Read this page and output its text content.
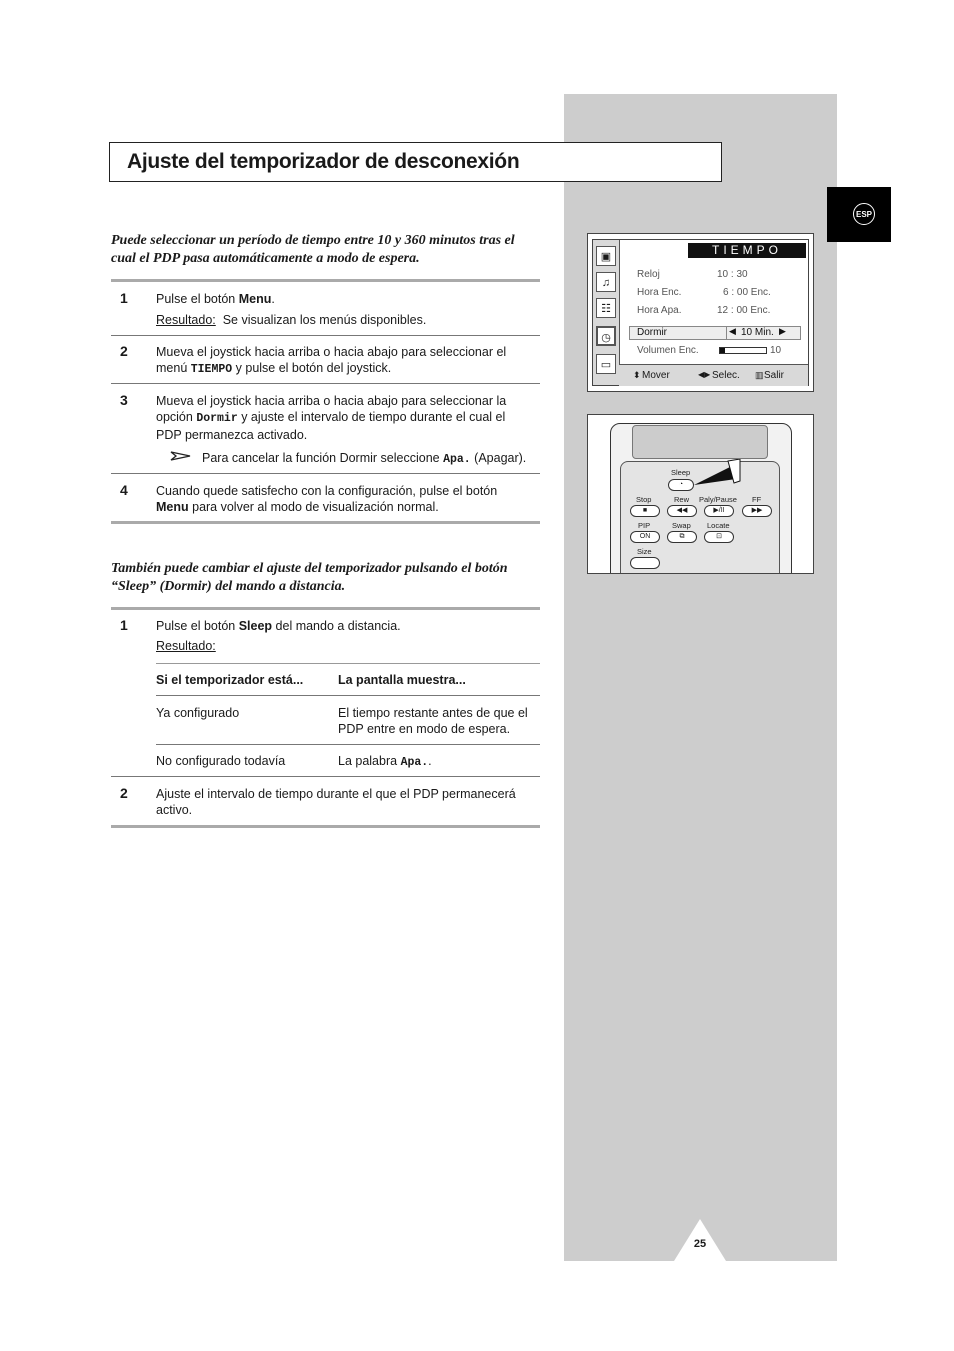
Ajuste del temporizador de desconexión
ESP
Puede seleccionar un período de tiempo entre 10 y 360 minutos tras el cual el PDP pasa automáticamente a modo de espera.
1 Pulse el botón Menu.
Resultado: Se visualizan los menús disponibles.
2 Mueva el joystick hacia arriba o hacia abajo para seleccionar el menú TIEMPO y pulse el botón del joystick.
3 Mueva el joystick hacia arriba o hacia abajo para seleccionar la opción Dormir y ajuste el intervalo de tiempo durante el cual el PDP permanezca activado.
Para cancelar la función Dormir seleccione Apa. (Apagar).
4 Cuando quede satisfecho con la configuración, pulse el botón Menu para volver al modo de visualización normal.
También puede cambiar el ajuste del temporizador pulsando el botón “Sleep” (Dormir) del mando a distancia.
1 Pulse el botón Sleep del mando a distancia.
Resultado:
Si el temporizador está...	La pantalla muestra...
Ya configurado	El tiempo restante antes de que el PDP entre en modo de espera.
No configurado todavía	La palabra Apa..
2 Ajuste el intervalo de tiempo durante el que el PDP permanecerá activo.
▣
♫
☷
◷
▭
TIEMPO
Reloj	10 : 30
Hora Enc.	6 : 00 Enc.
Hora Apa.	12 : 00 Enc.
Dormir	◀ 10 Min. ▶
Volumen Enc.	10
⬍ Mover	◀▶ Selec. ▥ Salir
Sleep
◔
Stop	Rew Paly/Pause FF
■	◀◀	▶/II	▶▶
PIP	Swap Locate
ON	⧉	⊡
Size
25
